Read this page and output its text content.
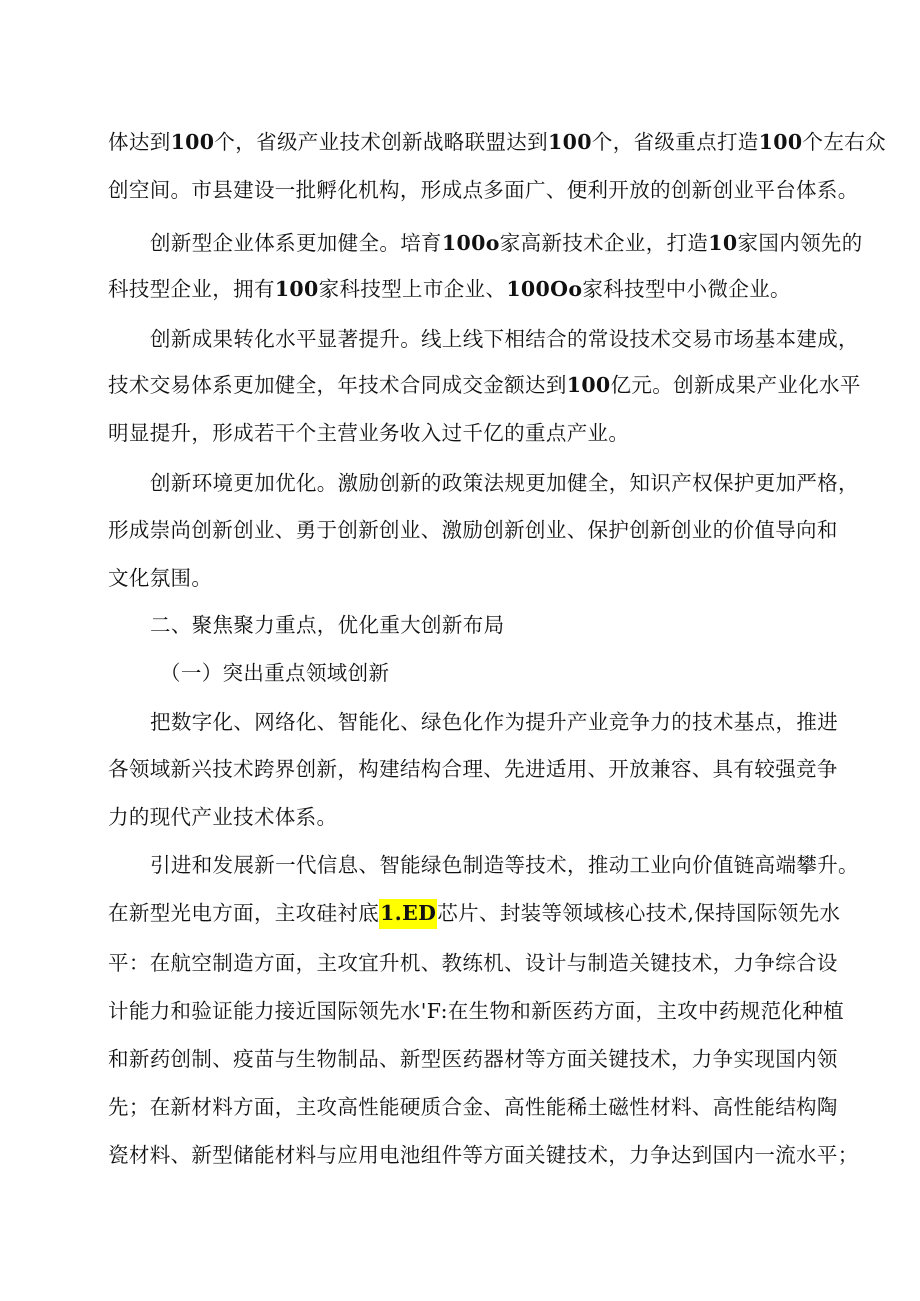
体达到100个，省级产业技术创新战略联盟达到100个，省级重点打造100个左右众
创空间。市县建设一批孵化机构，形成点多面广、便利开放的创新创业平台体系。
创新型企业体系更加健全。培育100o家高新技术企业，打造10家国内领先的
科技型企业，拥有100家科技型上市企业、100Oo家科技型中小微企业。
创新成果转化水平显著提升。线上线下相结合的常设技术交易市场基本建成，
技术交易体系更加健全，年技术合同成交金额达到100亿元。创新成果产业化水平
明显提升，形成若干个主营业务收入过千亿的重点产业。
创新环境更加优化。激励创新的政策法规更加健全，知识产权保护更加严格，
形成崇尚创新创业、勇于创新创业、激励创新创业、保护创新创业的价值导向和
文化氛围。
二、聚焦聚力重点，优化重大创新布局
（一）突出重点领域创新
把数字化、网络化、智能化、绿色化作为提升产业竞争力的技术基点，推进
各领域新兴技术跨界创新，构建结构合理、先进适用、开放兼容、具有较强竞争
力的现代产业技术体系。
引进和发展新一代信息、智能绿色制造等技术，推动工业向价值链高端攀升。
在新型光电方面，主攻硅衬底1.ED芯片、封装等领域核心技术,保持国际领先水
平：在航空制造方面，主攻宜升机、教练机、设计与制造关键技术，力争综合设
计能力和验证能力接近国际领先水'F:在生物和新医药方面，主攻中药规范化种植
和新药创制、疫苗与生物制品、新型医药器材等方面关键技术，力争实现国内领
先；在新材料方面，主攻高性能硬质合金、高性能稀土磁性材料、高性能结构陶
瓷材料、新型储能材料与应用电池组件等方面关键技术，力争达到国内一流水平；
